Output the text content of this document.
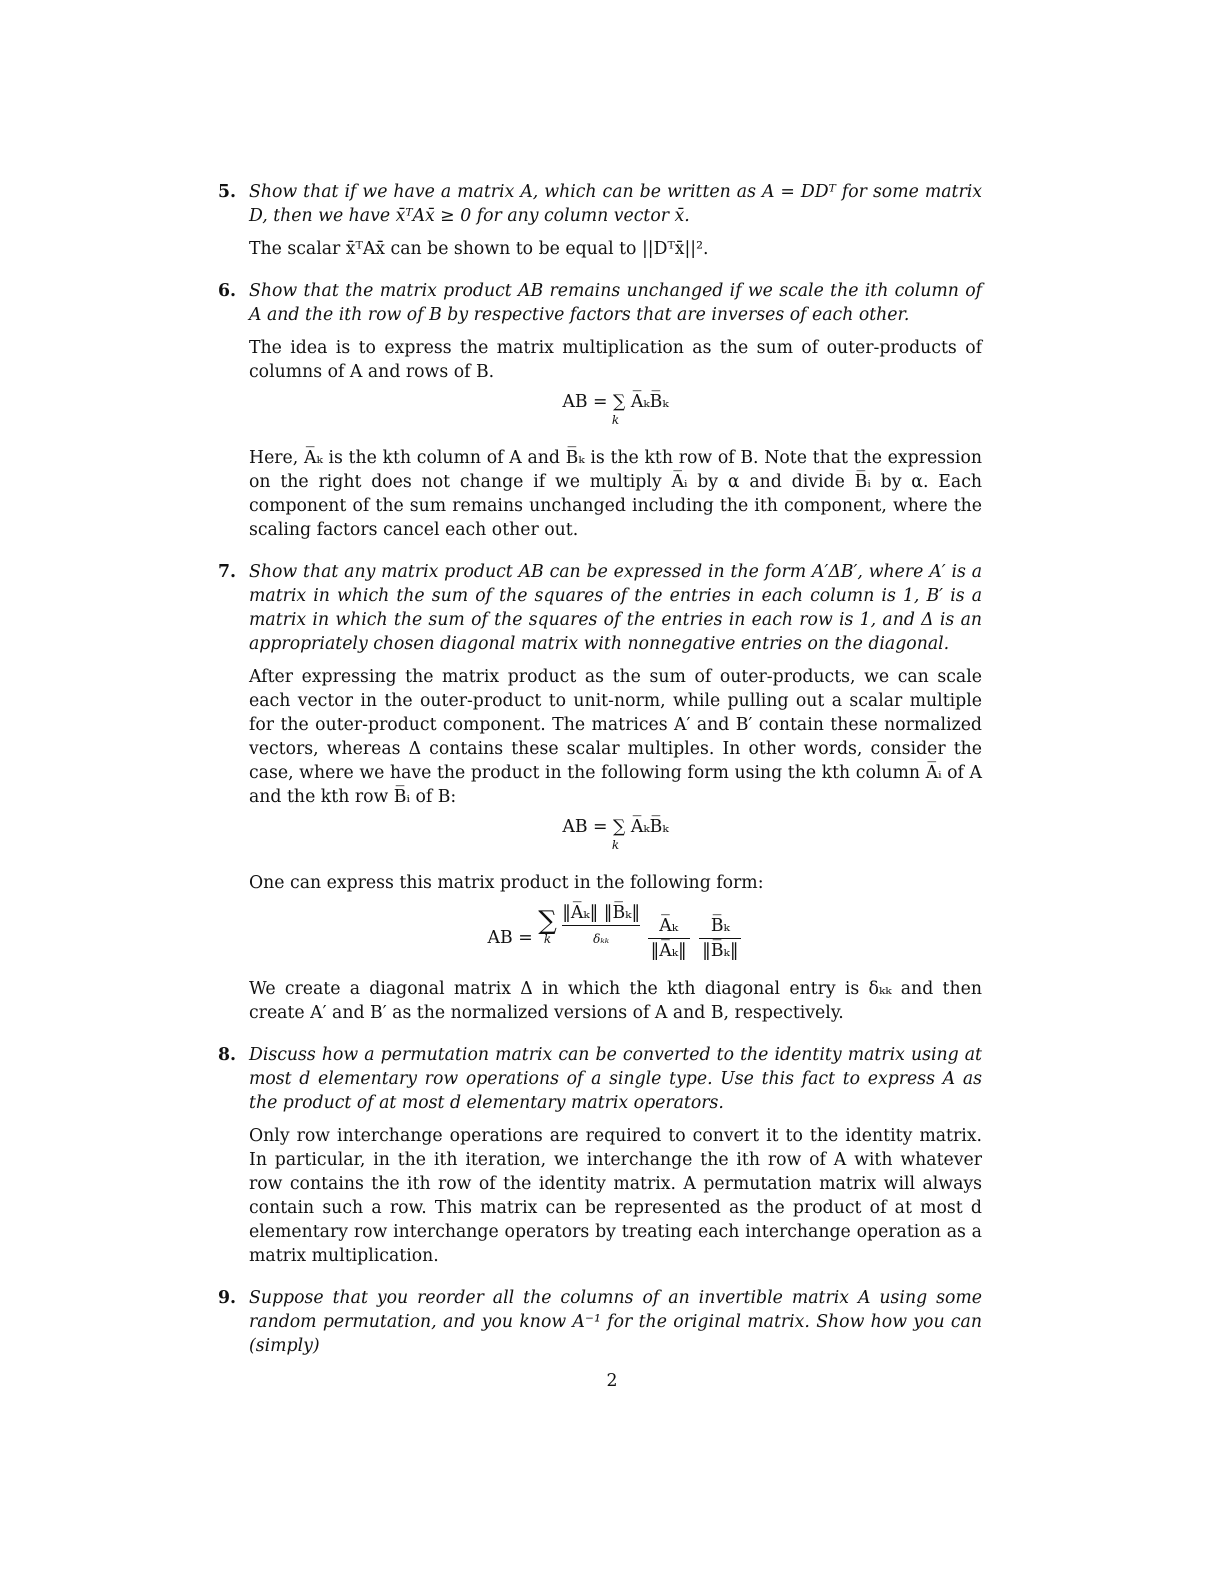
5. Show that if we have a matrix A, which can be written as A = DDᵀ for some matrix D, then we have x̄ᵀAx̄ ≥ 0 for any column vector x̄.

The scalar x̄ᵀAx̄ can be shown to be equal to ||Dᵀx̄||².

6. Show that the matrix product AB remains unchanged if we scale the ith column of A and the ith row of B by respective factors that are inverses of each other.

The idea is to express the matrix multiplication as the sum of outer-products of columns of A and rows of B.

AB = ∑ A̅ₖB̅ₖ
k

Here, A̅ₖ is the kth column of A and B̅ₖ is the kth row of B. Note that the expression on the right does not change if we multiply A̅ᵢ by α and divide B̅ᵢ by α. Each component of the sum remains unchanged including the ith component, where the scaling factors cancel each other out.

7. Show that any matrix product AB can be expressed in the form A′ΔB′, where A′ is a matrix in which the sum of the squares of the entries in each column is 1, B′ is a matrix in which the sum of the squares of the entries in each row is 1, and Δ is an appropriately chosen diagonal matrix with nonnegative entries on the diagonal.

After expressing the matrix product as the sum of outer-products, we can scale each vector in the outer-product to unit-norm, while pulling out a scalar multiple for the outer-product component. The matrices A′ and B′ contain these normalized vectors, whereas Δ contains these scalar multiples. In other words, consider the case, where we have the product in the following form using the kth column A̅ᵢ of A and the kth row B̅ᵢ of B:

AB = ∑ A̅ₖB̅ₖ
k

One can express this matrix product in the following form:

AB = ∑
k
‖A̅ₖ‖ ‖B̅ₖ‖
δₖₖ
	$\frac{\text{A̅ₖ}}{\text{‖A̅ₖ‖}}$
$\frac{\text{B̅ₖ}}{\text{‖B̅ₖ‖}}$

We create a diagonal matrix Δ in which the kth diagonal entry is δₖₖ and then create A′ and B′ as the normalized versions of A and B, respectively.

8. Discuss how a permutation matrix can be converted to the identity matrix using at most d elementary row operations of a single type. Use this fact to express A as the product of at most d elementary matrix operators.

Only row interchange operations are required to convert it to the identity matrix. In particular, in the ith iteration, we interchange the ith row of A with whatever row contains the ith row of the identity matrix. A permutation matrix will always contain such a row. This matrix can be represented as the product of at most d elementary row interchange operators by treating each interchange operation as a matrix multiplication.

9. Suppose that you reorder all the columns of an invertible matrix A using some random permutation, and you know A⁻¹ for the original matrix. Show how you can (simply)

2
